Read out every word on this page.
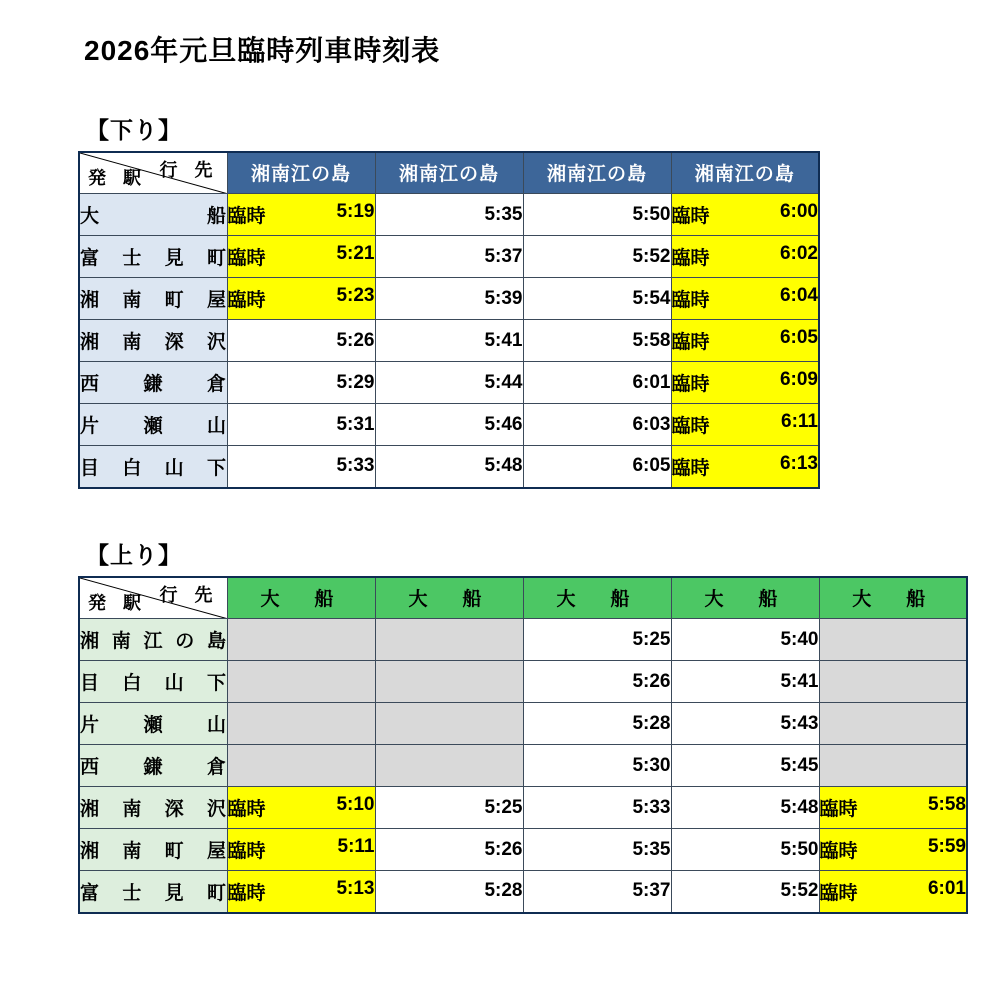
2026年元旦臨時列車時刻表
【下り】
行 先
発 駅	湘南江の島	湘南江の島	湘南江の島	湘南江の島

大 船	臨時 5:19	5:35	5:50	臨時 6:00

富 士 見 町	臨時 5:21	5:37	5:52	臨時 6:02

湘 南 町 屋	臨時 5:23	5:39	5:54	臨時 6:04

湘 南 深 沢	5:26	5:41	5:58	臨時 6:05

西 鎌 倉	5:29	5:44	6:01	臨時 6:09

片 瀬 山	5:31	5:46	6:03	臨時 6:11

目 白 山 下	5:33	5:48	6:05	臨時 6:13
【上り】
行 先
発 駅	大　船	大　船	大　船	大　船	大　船

湘 南 江 の 島			5:25	5:40	

目 白 山 下			5:26	5:41	

片 瀬 山			5:28	5:43	

西 鎌 倉			5:30	5:45	

湘 南 深 沢	臨時 5:10	5:25	5:33	5:48	臨時 5:58

湘 南 町 屋	臨時 5:11	5:26	5:35	5:50	臨時 5:59

富 士 見 町	臨時 5:13	5:28	5:37	5:52	臨時 6:01
